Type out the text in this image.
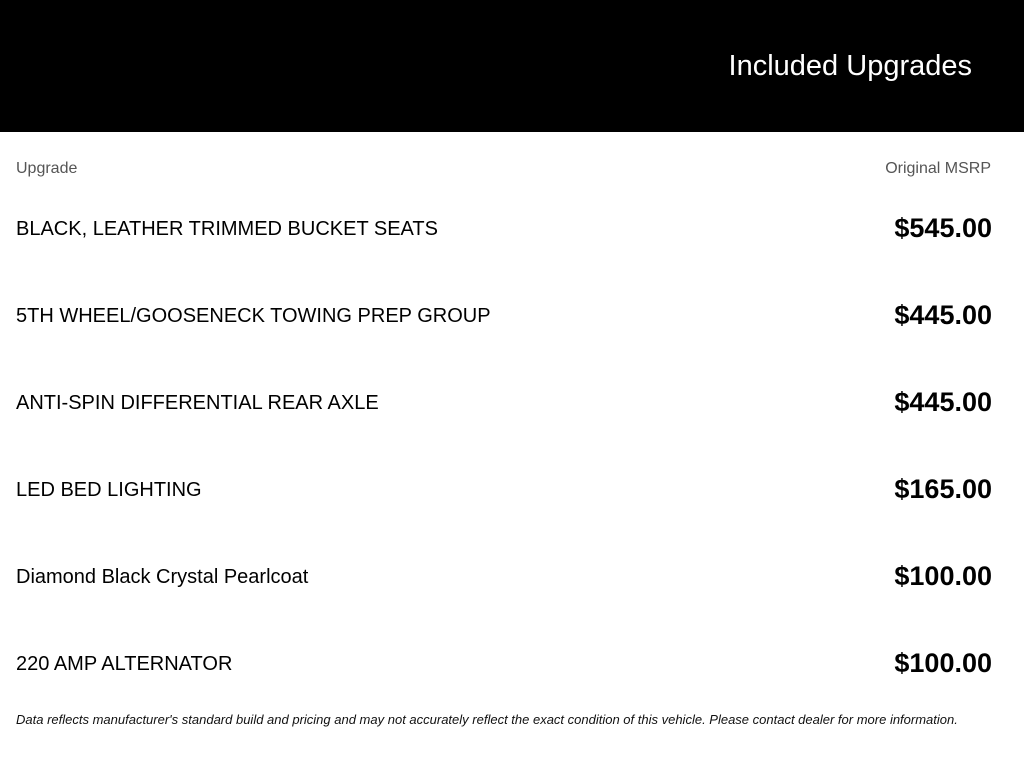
Included Upgrades
Upgrade	Original MSRP
BLACK, LEATHER TRIMMED BUCKET SEATS	$545.00
5TH WHEEL/GOOSENECK TOWING PREP GROUP	$445.00
ANTI-SPIN DIFFERENTIAL REAR AXLE	$445.00
LED BED LIGHTING	$165.00
Diamond Black Crystal Pearlcoat	$100.00
220 AMP ALTERNATOR	$100.00
Data reflects manufacturer's standard build and pricing and may not accurately reflect the exact condition of this vehicle. Please contact dealer for more information.
